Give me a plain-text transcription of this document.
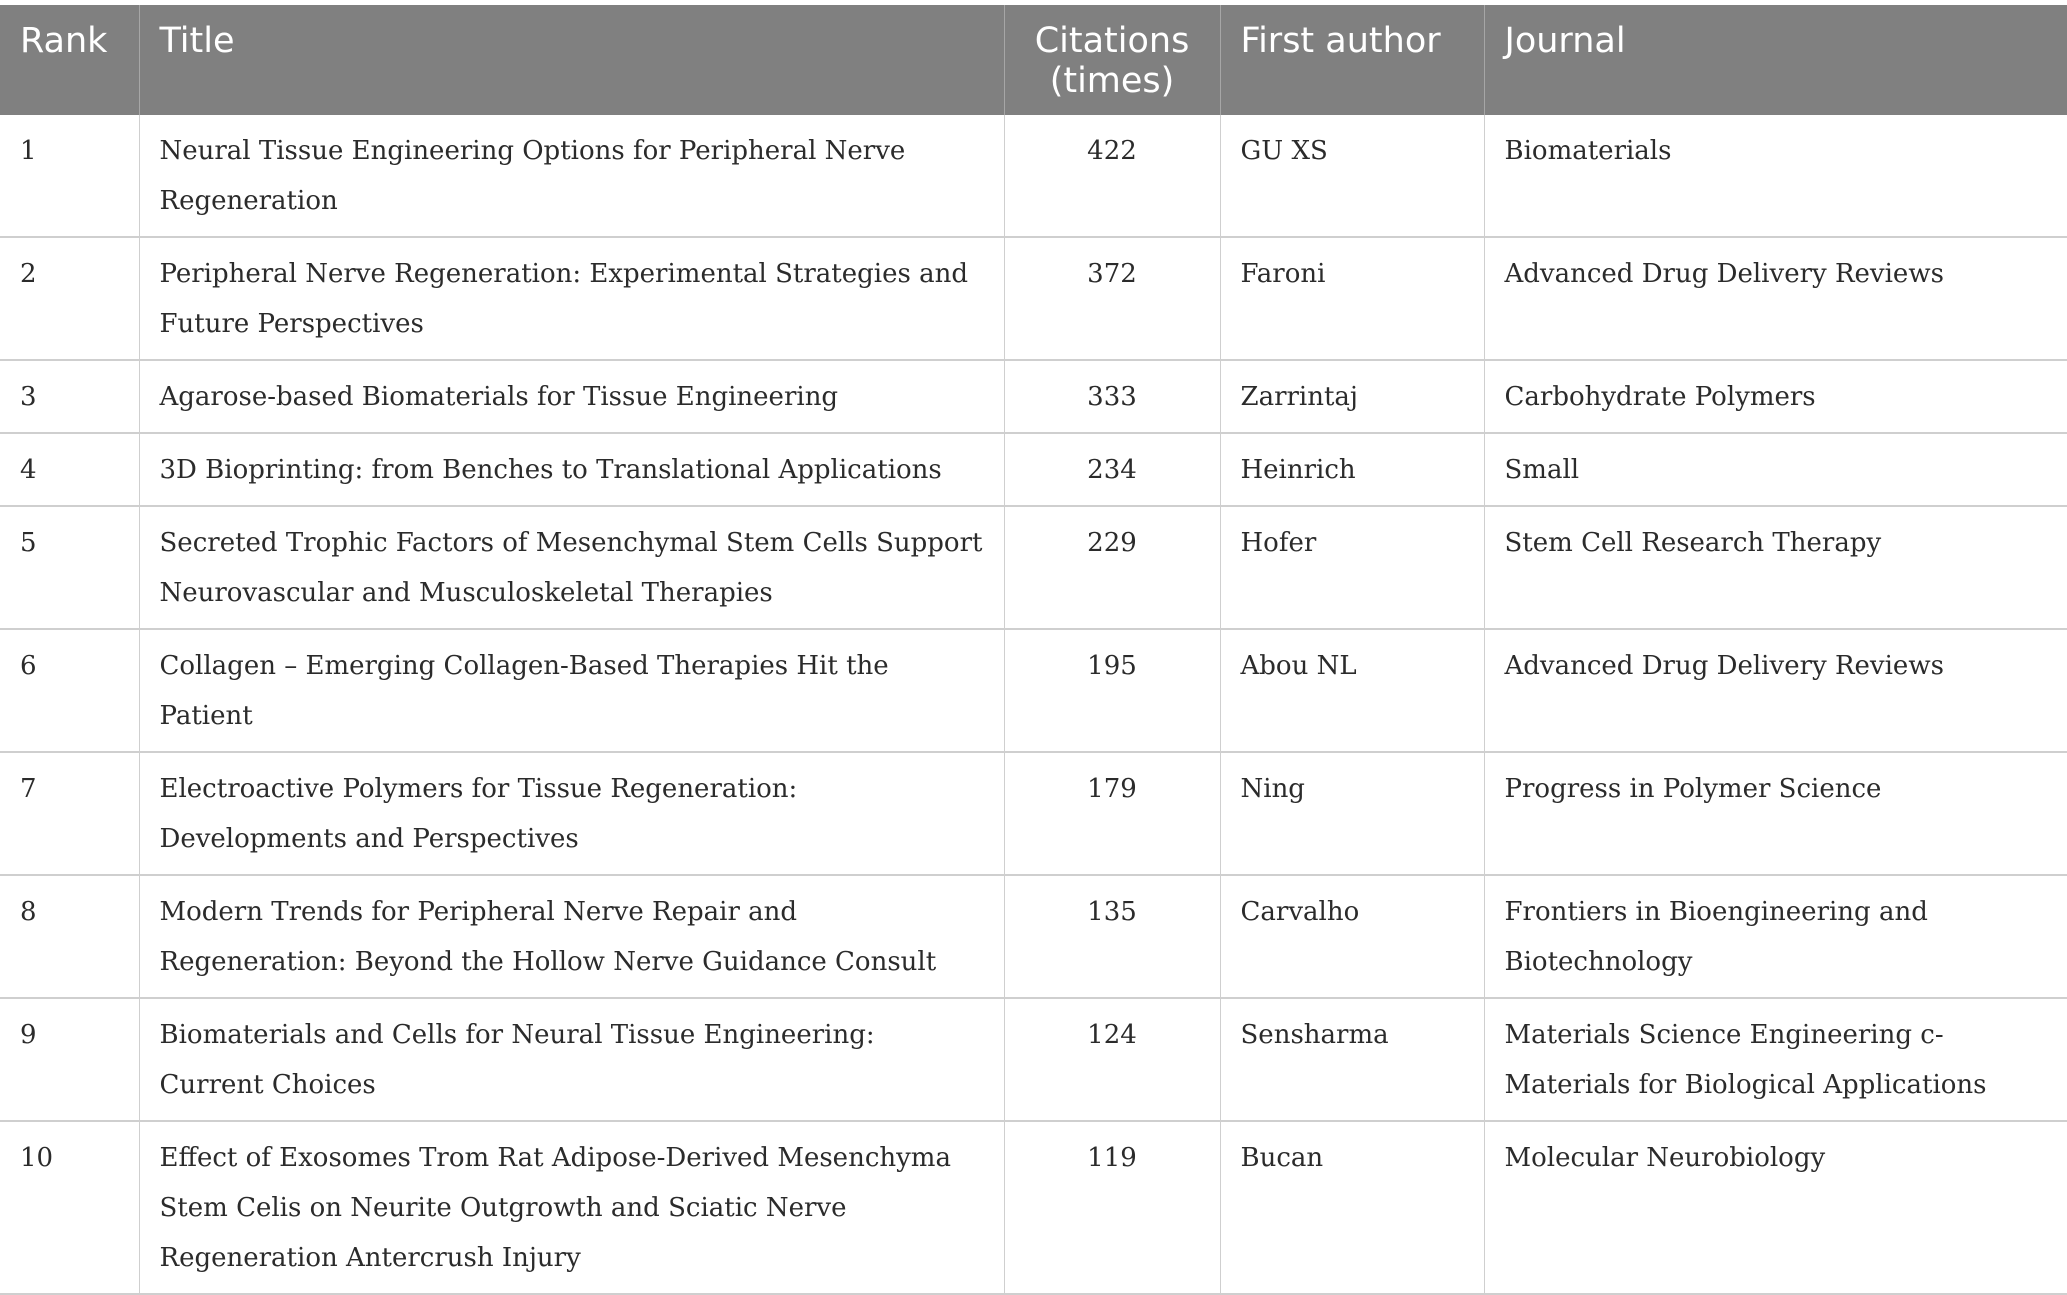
Rank	Title	Citations (times)	First author	Journal
1	Neural Tissue Engineering Options for Peripheral Nerve Regeneration	422	GU XS	Biomaterials
2	Peripheral Nerve Regeneration: Experimental Strategies and Future Perspectives	372	Faroni	Advanced Drug Delivery Reviews
3	Agarose-based Biomaterials for Tissue Engineering	333	Zarrintaj	Carbohydrate Polymers
4	3D Bioprinting: from Benches to Translational Applications	234	Heinrich	Small
5	Secreted Trophic Factors of Mesenchymal Stem Cells Support Neurovascular and Musculoskeletal Therapies	229	Hofer	Stem Cell Research Therapy
6	Collagen – Emerging Collagen-Based Therapies Hit the Patient	195	Abou NL	Advanced Drug Delivery Reviews
7	Electroactive Polymers for Tissue Regeneration: Developments and Perspectives	179	Ning	Progress in Polymer Science
8	Modern Trends for Peripheral Nerve Repair and Regeneration: Beyond the Hollow Nerve Guidance Consult	135	Carvalho	Frontiers in Bioengineering and Biotechnology
9	Biomaterials and Cells for Neural Tissue Engineering: Current Choices	124	Sensharma	Materials Science Engineering c-Materials for Biological Applications
10	Effect of Exosomes Trom Rat Adipose-Derived Mesenchyma Stem Celis on Neurite Outgrowth and Sciatic Nerve Regeneration Antercrush Injury	119	Bucan	Molecular Neurobiology
